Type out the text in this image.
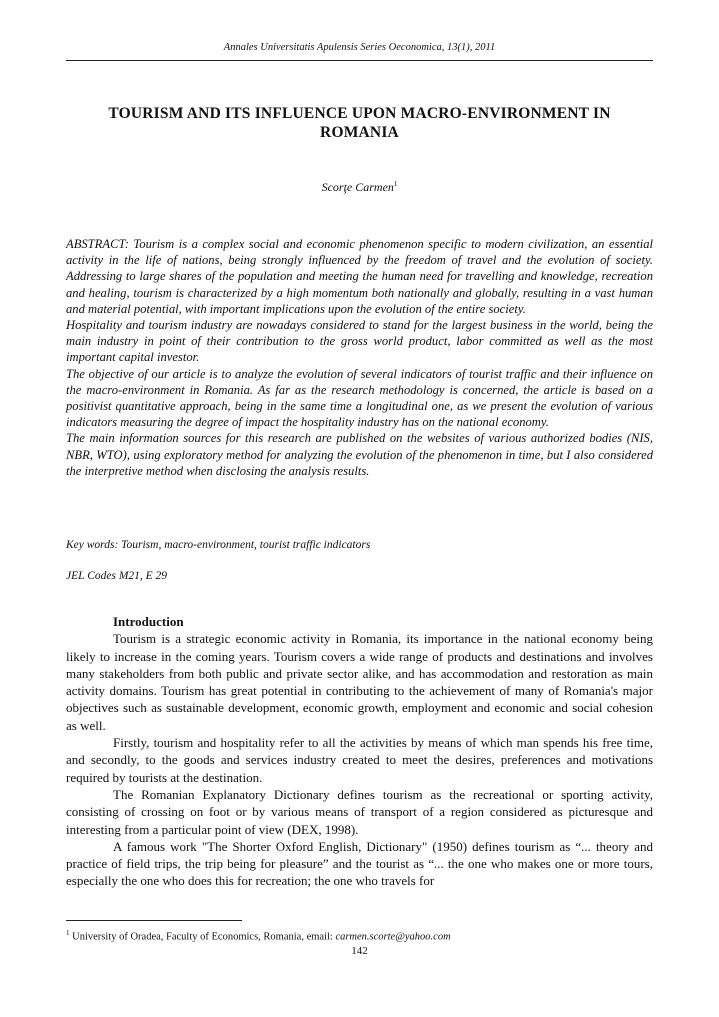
Annales Universitatis Apulensis Series Oeconomica, 13(1), 2011
TOURISM AND ITS INFLUENCE UPON MACRO-ENVIRONMENT IN
ROMANIA
Scorţe Carmen$^1$

ABSTRACT: Tourism is a complex social and economic phenomenon specific to modern civilization, an essential activity in the life of nations, being strongly influenced by the freedom of travel and the evolution of society. Addressing to large shares of the population and meeting the human need for travelling and knowledge, recreation and healing, tourism is characterized by a high momentum both nationally and globally, resulting in a vast human and material potential, with important implications upon the evolution of the entire society.

Hospitality and tourism industry are nowadays considered to stand for the largest business in the world, being the main industry in point of their contribution to the gross world product, labor committed as well as the most important capital investor.

The objective of our article is to analyze the evolution of several indicators of tourist traffic and their influence on the macro-environment in Romania. As far as the research methodology is concerned, the article is based on a positivist quantitative approach, being in the same time a longitudinal one, as we present the evolution of various indicators measuring the degree of impact the hospitality industry has on the national economy.

The main information sources for this research are published on the websites of various authorized bodies (NIS, NBR, WTO), using exploratory method for analyzing the evolution of the phenomenon in time, but I also considered the interpretive method when disclosing the analysis results.

Key words: Tourism, macro-environment, tourist traffic indicators
JEL Codes M21, E 29
Introduction

Tourism is a strategic economic activity in Romania, its importance in the national economy being likely to increase in the coming years. Tourism covers a wide range of products and destinations and involves many stakeholders from both public and private sector alike, and has accommodation and restoration as main activity domains. Tourism has great potential in contributing to the achievement of many of Romania's major objectives such as sustainable development, economic growth, employment and economic and social cohesion as well.

Firstly, tourism and hospitality refer to all the activities by means of which man spends his free time, and secondly, to the goods and services industry created to meet the desires, preferences and motivations required by tourists at the destination.

The Romanian Explanatory Dictionary defines tourism as the recreational or sporting activity, consisting of crossing on foot or by various means of transport of a region considered as picturesque and interesting from a particular point of view (DEX, 1998).

A famous work "The Shorter Oxford English, Dictionary" (1950) defines tourism as “... theory and practice of field trips, the trip being for pleasure” and the tourist as “... the one who makes one or more tours, especially the one who does this for recreation; the one who travels for

$^1$ University of Oradea, Faculty of Economics, Romania, email: carmen.scorte@yahoo.com
142
